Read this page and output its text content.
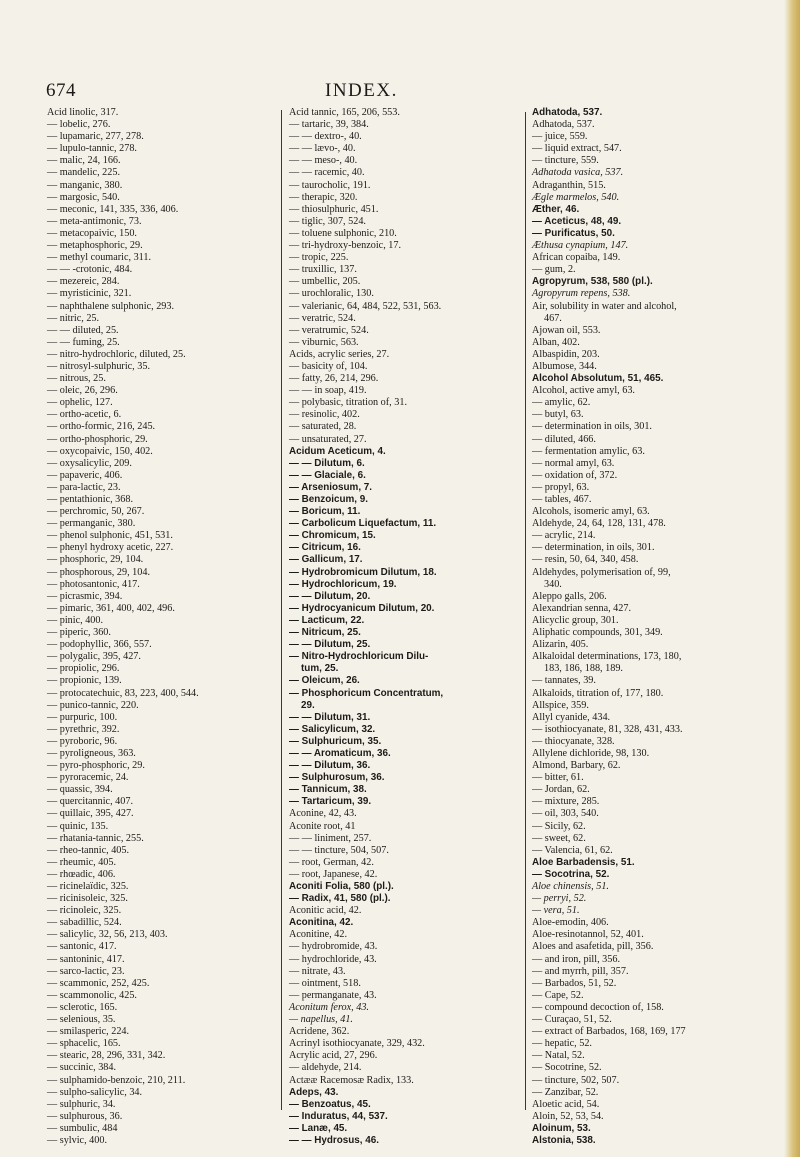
674	INDEX.
Acid linolic, 317.
— lobelic, 276.
— lupamaric, 277, 278.
— lupulo-tannic, 278.
— malic, 24, 166.
— mandelic, 225.
— manganic, 380.
— margosic, 540.
— meconic, 141, 335, 336, 406.
— meta-antimonic, 73.
— metacopaivic, 150.
— metaphosphoric, 29.
— methyl coumaric, 311.
— — -crotonic, 484.
— mezereic, 284.
— myristicinic, 321.
— naphthalene sulphonic, 293.
— nitric, 25.
— — diluted, 25.
— — fuming, 25.
— nitro-hydrochloric, diluted, 25.
— nitrosyl-sulphuric, 35.
— nitrous, 25.
— oleic, 26, 296.
— ophelic, 127.
— ortho-acetic, 6.
— ortho-formic, 216, 245.
— ortho-phosphoric, 29.
— oxycopaivic, 150, 402.
— oxysalicylic, 209.
— papaveric, 406.
— para-lactic, 23.
— pentathionic, 368.
— perchromic, 50, 267.
— permanganic, 380.
— phenol sulphonic, 451, 531.
— phenyl hydroxy acetic, 227.
— phosphoric, 29, 104.
— phosphorous, 29, 104.
— photosantonic, 417.
— picrasmic, 394.
— pimaric, 361, 400, 402, 496.
— pinic, 400.
— piperic, 360.
— podophyllic, 366, 557.
— polygalic, 395, 427.
— propiolic, 296.
— propionic, 139.
— protocatechuic, 83, 223, 400, 544.
— punico-tannic, 220.
— purpuric, 100.
— pyrethric, 392.
— pyroboric, 96.
— pyroligneous, 363.
— pyro-phosphoric, 29.
— pyroracemic, 24.
— quassic, 394.
— quercitannic, 407.
— quillaic, 395, 427.
— quinic, 135.
— rhatania-tannic, 255.
— rheo-tannic, 405.
— rheumic, 405.
— rhœadic, 406.
— ricinelaïdic, 325.
— ricinisoleic, 325.
— ricinoleic, 325.
— sabadillic, 524.
— salicylic, 32, 56, 213, 403.
— santonic, 417.
— santoninic, 417.
— sarco-lactic, 23.
— scammonic, 252, 425.
— scammonolic, 425.
— sclerotic, 165.
— selenious, 35.
— smilasperic, 224.
— sphacelic, 165.
— stearic, 28, 296, 331, 342.
— succinic, 384.
— sulphamido-benzoic, 210, 211.
— sulpho-salicylic, 34.
— sulphuric, 34.
— sulphurous, 36.
— sumbulic, 484
— sylvic, 400.
Acid tannic, 165, 206, 553.
— tartaric, 39, 384.
— — dextro-, 40.
— — lævo-, 40.
— — meso-, 40.
— — racemic, 40.
— taurocholic, 191.
— therapic, 320.
— thiosulphuric, 451.
— tiglic, 307, 524.
— toluene sulphonic, 210.
— tri-hydroxy-benzoic, 17.
— tropic, 225.
— truxillic, 137.
— umbellic, 205.
— urochloralic, 130.
— valerianic, 64, 484, 522, 531, 563.
— veratric, 524.
— veratrumic, 524.
— viburnic, 563.
Acids, acrylic series, 27.
— basicity of, 104.
— fatty, 26, 214, 296.
— — in soap, 419.
— polybasic, titration of, 31.
— resinolic, 402.
— saturated, 28.
— unsaturated, 27.
Acidum Aceticum, 4.
— — Dilutum, 6.
— — Glaciale, 6.
— Arseniosum, 7.
— Benzoicum, 9.
— Boricum, 11.
— Carbolicum Liquefactum, 11.
— Chromicum, 15.
— Citricum, 16.
— Gallicum, 17.
— Hydrobromicum Dilutum, 18.
— Hydrochloricum, 19.
— — Dilutum, 20.
— Hydrocyanicum Dilutum, 20.
— Lacticum, 22.
— Nitricum, 25.
— — Dilutum, 25.
— Nitro-Hydrochloricum Dilu-
tum, 25.
— Oleicum, 26.
— Phosphoricum Concentratum,
29.
— — Dilutum, 31.
— Salicylicum, 32.
— Sulphuricum, 35.
— — Aromaticum, 36.
— — Dilutum, 36.
— Sulphurosum, 36.
— Tannicum, 38.
— Tartaricum, 39.
Aconine, 42, 43.
Aconite root, 41
— — liniment, 257.
— — tincture, 504, 507.
— root, German, 42.
— root, Japanese, 42.
Aconiti Folia, 580 (pl.).
— Radix, 41, 580 (pl.).
Aconitic acid, 42.
Aconitina, 42.
Aconitine, 42.
— hydrobromide, 43.
— hydrochloride, 43.
— nitrate, 43.
— ointment, 518.
— permanganate, 43.
Aconitum ferox, 43.
— napellus, 41.
Acridene, 362.
Acrinyl isothiocyanate, 329, 432.
Acrylic acid, 27, 296.
— aldehyde, 214.
Actææ Racemosæ Radix, 133.
Adeps, 43.
— Benzoatus, 45.
— Induratus, 44, 537.
— Lanæ, 45.
— — Hydrosus, 46.
Adhatoda, 537.
Adhatoda, 537.
— juice, 559.
— liquid extract, 547.
— tincture, 559.
Adhatoda vasica, 537.
Adraganthin, 515.
Ægle marmelos, 540.
Æther, 46.
— Aceticus, 48, 49.
— Purificatus, 50.
Æthusa cynapium, 147.
African copaiba, 149.
— gum, 2.
Agropyrum, 538, 580 (pl.).
Agropyrum repens, 538.
Air, solubility in water and alcohol,
467.
Ajowan oil, 553.
Alban, 402.
Albaspidin, 203.
Albumose, 344.
Alcohol Absolutum, 51, 465.
Alcohol, active amyl, 63.
— amylic, 62.
— butyl, 63.
— determination in oils, 301.
— diluted, 466.
— fermentation amylic, 63.
— normal amyl, 63.
— oxidation of, 372.
— propyl, 63.
— tables, 467.
Alcohols, isomeric amyl, 63.
Aldehyde, 24, 64, 128, 131, 478.
— acrylic, 214.
— determination, in oils, 301.
— resin, 50, 64, 340, 458.
Aldehydes, polymerisation of, 99,
340.
Aleppo galls, 206.
Alexandrian senna, 427.
Alicyclic group, 301.
Aliphatic compounds, 301, 349.
Alizarin, 405.
Alkaloidal determinations, 173, 180,
183, 186, 188, 189.
— tannates, 39.
Alkaloids, titration of, 177, 180.
Allspice, 359.
Allyl cyanide, 434.
— isothiocyanate, 81, 328, 431, 433.
— thiocyanate, 328.
Allylene dichloride, 98, 130.
Almond, Barbary, 62.
— bitter, 61.
— Jordan, 62.
— mixture, 285.
— oil, 303, 540.
— Sicily, 62.
— sweet, 62.
— Valencia, 61, 62.
Aloe Barbadensis, 51.
— Socotrina, 52.
Aloe chinensis, 51.
— perryi, 52.
— vera, 51.
Aloe-emodin, 406.
Aloe-resinotannol, 52, 401.
Aloes and asafetida, pill, 356.
— and iron, pill, 356.
— and myrrh, pill, 357.
— Barbados, 51, 52.
— Cape, 52.
— compound decoction of, 158.
— Curaçao, 51, 52.
— extract of Barbados, 168, 169, 177
— hepatic, 52.
— Natal, 52.
— Socotrine, 52.
— tincture, 502, 507.
— Zanzibar, 52.
Aloetic acid, 54.
Aloin, 52, 53, 54.
Aloinum, 53.
Alstonia, 538.
